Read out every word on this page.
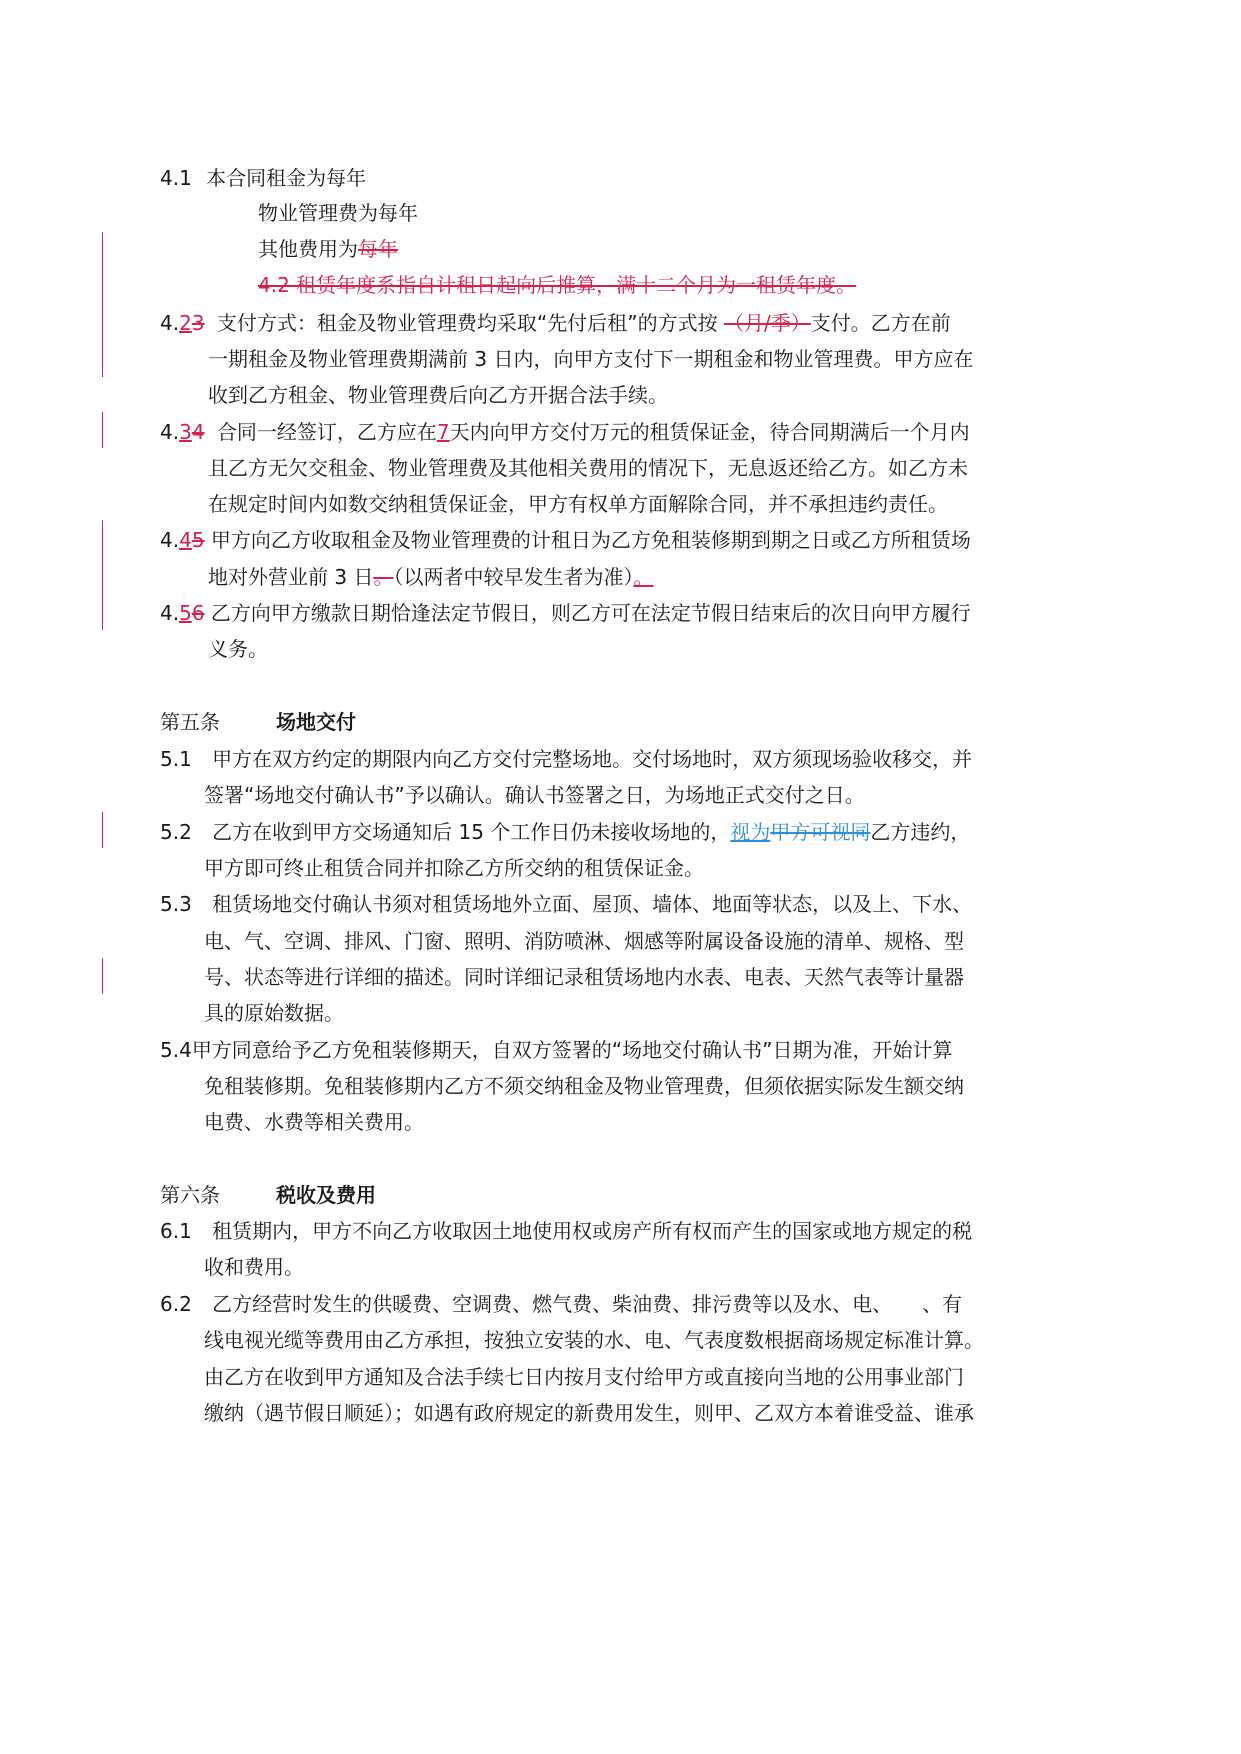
4.1 本合同租金为每年
物业管理费为每年
其他费用为每年
4.2 租赁年度系指自计租日起向后推算，满十二个月为一租赁年度。
4.23 支付方式：租金及物业管理费均采取“先付后租”的方式按 （月/季）支付。乙方在前
一期租金及物业管理费期满前 3 日内，向甲方支付下一期租金和物业管理费。甲方应在
收到乙方租金、物业管理费后向乙方开据合法手续。
4.34 合同一经签订，乙方应在7天内向甲方交付万元的租赁保证金，待合同期满后一个月内
且乙方无欠交租金、物业管理费及其他相关费用的情况下，无息返还给乙方。如乙方未
在规定时间内如数交纳租赁保证金，甲方有权单方面解除合同，并不承担违约责任。
4.45 甲方向乙方收取租金及物业管理费的计租日为乙方免租装修期到期之日或乙方所租赁场
地对外营业前 3 日。（以两者中较早发生者为准）。
4.56 乙方向甲方缴款日期恰逢法定节假日，则乙方可在法定节假日结束后的次日向甲方履行
义务。
第五条	场地交付
5.1 甲方在双方约定的期限内向乙方交付完整场地。交付场地时，双方须现场验收移交，并
签署“场地交付确认书”予以确认。确认书签署之日，为场地正式交付之日。
5.2 乙方在收到甲方交场通知后 15 个工作日仍未接收场地的，视为甲方可视同乙方违约，
甲方即可终止租赁合同并扣除乙方所交纳的租赁保证金。
5.3 租赁场地交付确认书须对租赁场地外立面、屋顶、墙体、地面等状态，以及上、下水、
电、气、空调、排风、门窗、照明、消防喷淋、烟感等附属设备设施的清单、规格、型
号、状态等进行详细的描述。同时详细记录租赁场地内水表、电表、天然气表等计量器
具的原始数据。
5.4甲方同意给予乙方免租装修期天，自双方签署的“场地交付确认书”日期为准，开始计算
免租装修期。免租装修期内乙方不须交纳租金及物业管理费，但须依据实际发生额交纳
电费、水费等相关费用。
第六条	税收及费用
6.1 租赁期内，甲方不向乙方收取因土地使用权或房产所有权而产生的国家或地方规定的税
收和费用。
6.2 乙方经营时发生的供暖费、空调费、燃气费、柴油费、排污费等以及水、电、　　、有
线电视光缆等费用由乙方承担，按独立安装的水、电、气表度数根据商场规定标准计算。
由乙方在收到甲方通知及合法手续七日内按月支付给甲方或直接向当地的公用事业部门
缴纳（遇节假日顺延）；如遇有政府规定的新费用发生，则甲、乙双方本着谁受益、谁承
